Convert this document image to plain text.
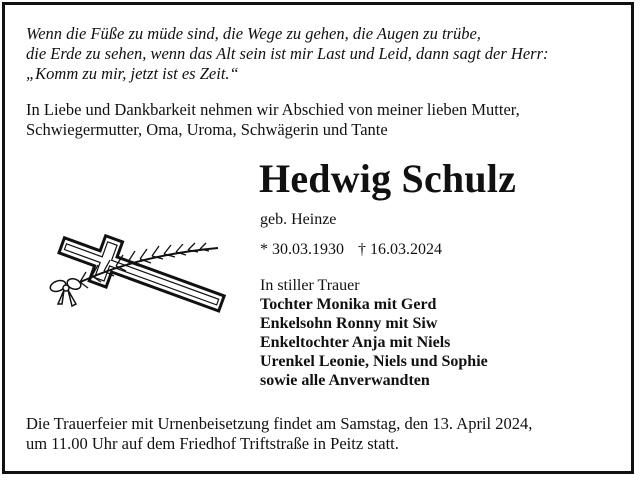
Wenn die Füße zu müde sind, die Wege zu gehen, die Augen zu trübe,
die Erde zu sehen, wenn das Alt sein ist mir Last und Leid, dann sagt der Herr:
„Komm zu mir, jetzt ist es Zeit.“
In Liebe und Dankbarkeit nehmen wir Abschied von meiner lieben Mutter,
Schwiegermutter, Oma, Uroma, Schwägerin und Tante
Hedwig Schulz
geb. Heinze
* 30.03.1930 † 16.03.2024
In stiller Trauer
Tochter Monika mit Gerd
Enkelsohn Ronny mit Siw
Enkeltochter Anja mit Niels
Urenkel Leonie, Niels und Sophie
sowie alle Anverwandten
Die Trauerfeier mit Urnenbeisetzung findet am Samstag, den 13. April 2024,
um 11.00 Uhr auf dem Friedhof Triftstraße in Peitz statt.
